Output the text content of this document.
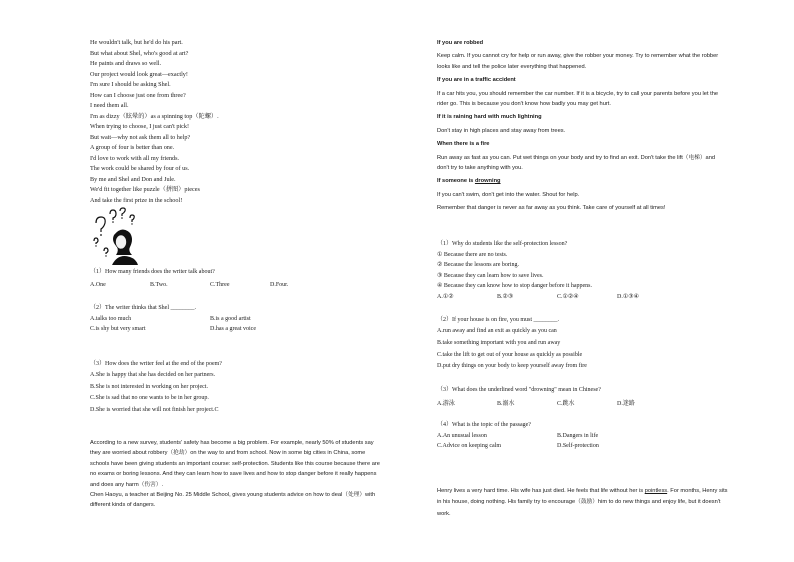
He wouldn't talk, but he'd do his part.
But what about Shel, who's good at art?
He paints and draws so well.
Our project would look great—exactly!
I'm sure I should be asking Shel.
How can I choose just one from three?
I need them all.
I'm as dizzy（眩晕的）as a spinning top（陀螺）.
When trying to choose, I just can't pick!
But wait—why not ask them all to help?
A group of four is better than one.
I'd love to work with all my friends.
The work could be shared by four of us.
By me and Shel and Don and Jule.
We'd fit together like puzzle（拼图）pieces
And take the first prize in the school!
（1）How many friends does the writer talk about?
A.One	B.Two.	C.Three	D.Four.
（2）The writer thinks that Shel ________.
A.talks too much	B.is a good artist
C.is shy but very smart	D.has a great voice
（3）How does the writer feel at the end of the poem?
A.She is happy that she has decided on her partners.
B.She is not interested in working on her project.
C.She is sad that no one wants to be in her group.
D.She is worried that she will not finish her project.C
According to a new survey, students' safety has become a big problem. For example, nearly 50% of students say
they are worried about robbery（抢劫）on the way to and from school. Now in some big cities in China, some
schools have been giving students an important course: self-protection. Students like this course because there are
no exams or boring lessons. And they can learn how to save lives and how to stop danger before it really happens
and does any harm（伤害）.
Chen Haoyu, a teacher at Beijing No. 25 Middle School, gives young students advice on how to deal（处理）with
different kinds of dangers.
If you are robbed
Keep calm. If you cannot cry for help or run away, give the robber your money. Try to remember what the robber
looks like and tell the police later everything that happened.
If you are in a traffic accident
If a car hits you, you should remember the car number. If it is a bicycle, try to call your parents before you let the
rider go. This is because you don't know how badly you may get hurt.
If it is raining hard with much lightning
Don't stay in high places and stay away from trees.
When there is a fire
Run away as fast as you can. Put wet things on your body and try to find an exit. Don't take the lift（电梯）and
don't try to take anything with you.
If someone is drowning
If you can't swim, don't get into the water. Shout for help.
Remember that danger is never as far away as you think. Take care of yourself at all times!
（1）Why do students like the self-protection lesson?
① Because there are no tests.
② Because the lessons are boring.
③ Because they can learn how to save lives.
④ Because they can know how to stop danger before it happens.
A.①②	B.②③	C.①②④	D.①③④
（2）If your house is on fire, you must ________.
A.run away and find an exit as quickly as you can
B.take something important with you and run away
C.take the lift to get out of your house as quickly as possible
D.put dry things on your body to keep yourself away from fire
（3）What does the underlined word "drowning" mean in Chinese?
A.游泳	B.溺水	C.跳水	D.迷路
（4）What is the topic of the passage?
A.An unusual lesson	B.Dangers in life
C.Advice on keeping calm	D.Self-protection
Henry lives a very hard time. His wife has just died. He feels that life without her is pointless. For months, Henry sits
in his house, doing nothing. His family try to encourage（鼓励）him to do new things and enjoy life, but it doesn't
work.
